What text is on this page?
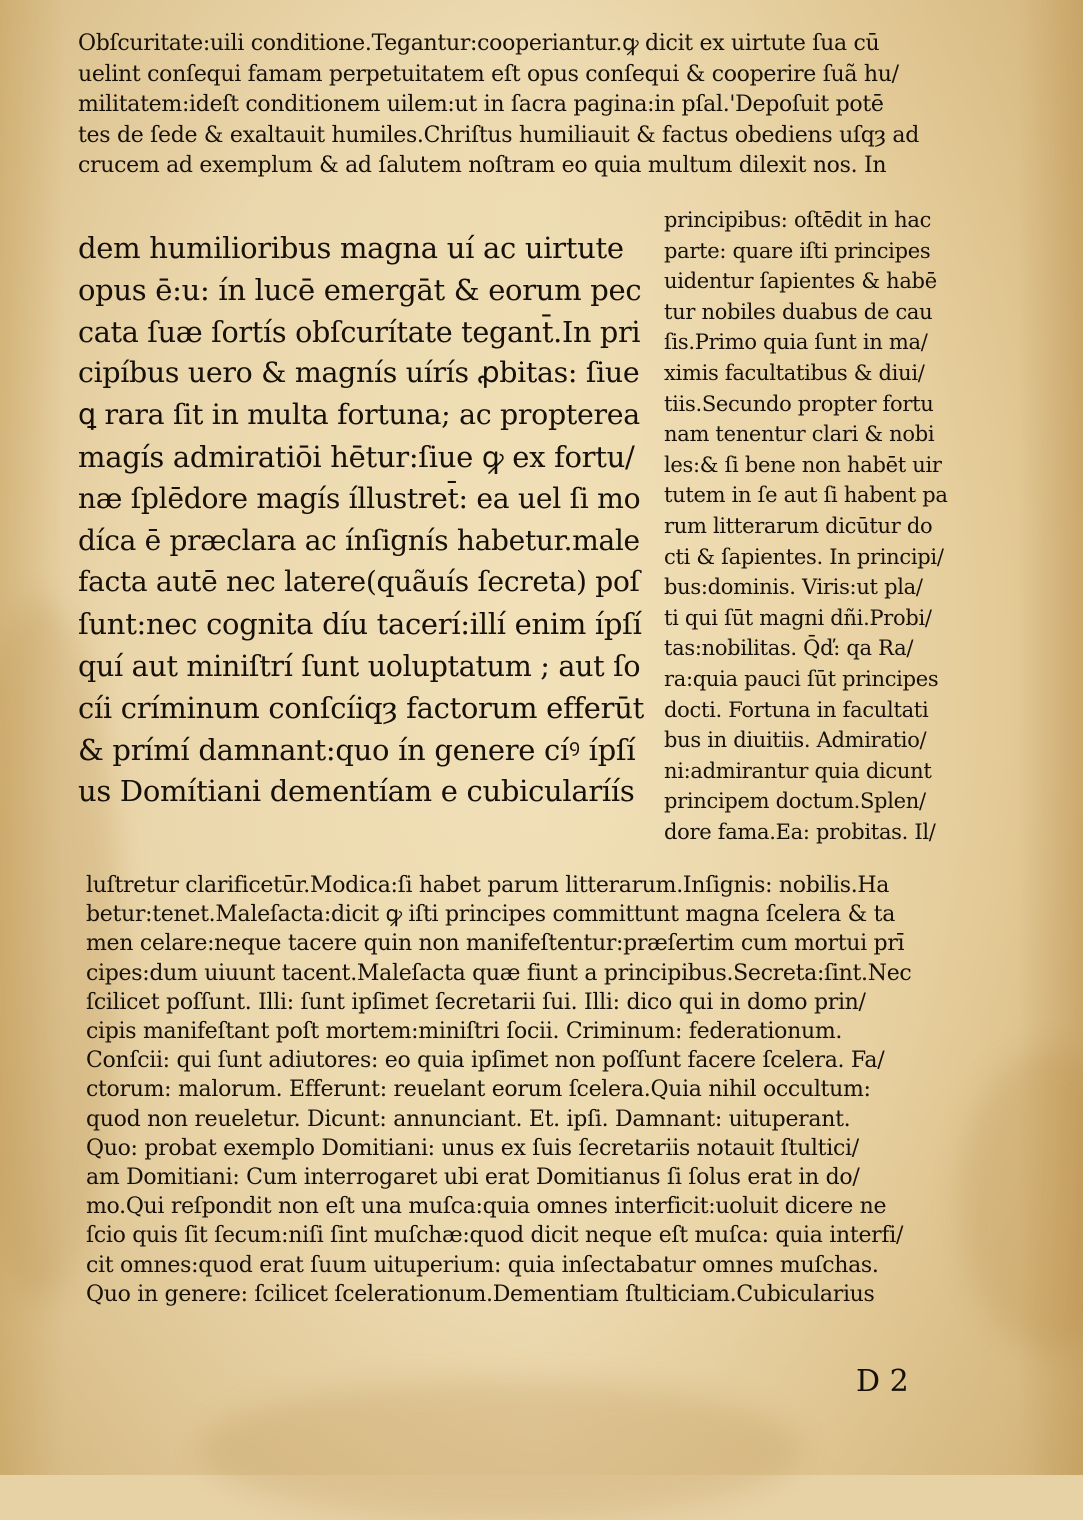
Obſcuritate:uili conditione.Tegantur:cooperiantur.ꝙ dicit ex uirtute ſua cū

uelint conſequi famam perpetuitatem eſt opus conſequi & cooperire ſuã hu/

militatem:ideſt conditionem uilem:ut in ſacra pagina:in pſal.'Depoſuit potē

tes de ſede & exaltauit humiles.Chriſtus humiliauit & factus obediens uſqȝ ad

crucem ad exemplum & ad ſalutem noſtram eo quia multum dilexit nos. In

dem humilioribus magna uí ac uirtute

opus ē:u: ín lucē emergāt & eorum pec

cata ſuæ ſortís obſcurítate tegant̄.In pri

cipíbus uero & magnís uírís ꝓbitas: ſiue

ꝗ rara ſit in multa fortuna; ac propterea

magís admiratiōi hētur:ſiue ꝙ ex fortu/

næ ſplēdore magís íllustret̄: ea uel ſi mo

díca ē præclara ac ínſignís habetur.male

facta autē nec latere(quãuís ſecreta) poſ

ſunt:nec cognita díu tacerí:illí enim ípſí

quí aut miniſtrí ſunt uoluptatum ; aut ſo

cíi críminum conſcíiqȝ factorum efferūt

& prímí damnant:quo ín genere cíꝰ ípſí

us Domítiani dementíam e cubicularíís

principibus: oſtēdit in hac

parte: quare iſti principes

uidentur ſapientes & habē

tur nobiles duabus de cau

ſis.Primo quia ſunt in ma/

ximis facultatibus & diui/

tiis.Secundo propter fortu

nam tenentur clari & nobi

les:& ſi bene non habēt uir

tutem in ſe aut ſi habent pa

rum litterarum dicūtur do

cti & ſapientes. In principi/

bus:dominis. Viris:ut pla/

ti qui ſūt magni dñi.Probi/

tas:nobilitas. Q̄ď: qa Ra/

ra:quia pauci ſūt principes

docti. Fortuna in facultati

bus in diuitiis. Admiratio/

ni:admirantur quia dicunt

principem doctum.Splen/

dore fama.Ea: probitas. Il/

luſtretur clarificetūr.Modica:ſi habet parum litterarum.Inſignis: nobilis.Ha

betur:tenet̄.Maleſacta:dicit ꝙ iſti principes committunt magna ſcelera & ta

men celare:neque tacere quin non manifeſtentur:præſertim cum mortui prī

cipes:dum uiuunt tacent.Maleſacta quæ fiunt a principibus.Secreta:ſint.Nec

ſcilicet poſſunt. Illi: ſunt ipſimet ſecretarii ſui. Illi: dico qui in domo prin/

cipis manifeſtant poſt mortem:miniſtri ſocii. Criminum: federationum.

Conſcii: qui ſunt adiutores: eo quia ipſimet non poſſunt facere ſcelera. Fa/

ctorum: malorum. Efferunt: reuelant eorum ſcelera.Quia nihil occultum:

quod non reueletur. Dicunt: annunciant. Et. ipſi. Damnant: uituperant.

Quo: probat exemplo Domitiani: unus ex ſuis ſecretariis notauit ſtultici/

am Domitiani: Cum interrogaret ubi erat Domitianus ſi ſolus erat in do/

mo.Qui reſpondit non eſt una muſca:quia omnes interficit:uoluit dicere ne

ſcio quis ſit ſecum:niſi ſint muſchæ:quod dicit neque eſt muſca: quia interfi/

cit omnes:quod erat ſuum uituperium: quia inſectabatur omnes muſchas.

Quo in genere: ſcilicet ſcelerationum.Dementiam ſtulticiam.Cubicularius

D 2
